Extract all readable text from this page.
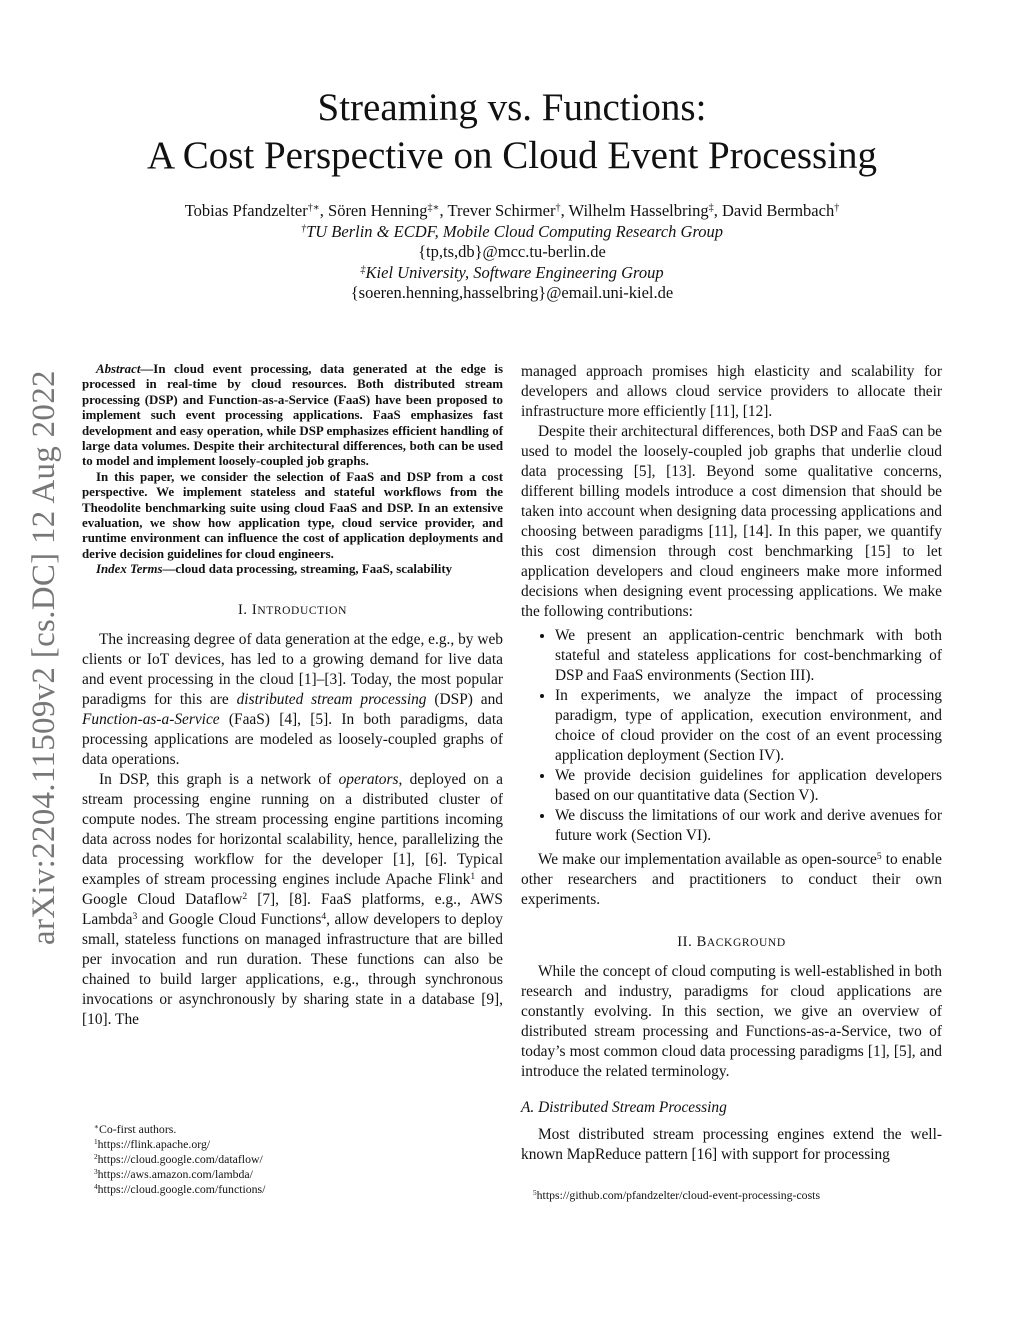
Streaming vs. Functions:
A Cost Perspective on Cloud Event Processing
Tobias Pfandzelter†∗, Sören Henning‡∗, Trever Schirmer†, Wilhelm Hasselbring‡, David Bermbach†
†TU Berlin & ECDF, Mobile Cloud Computing Research Group
{tp,ts,db}@mcc.tu-berlin.de
‡Kiel University, Software Engineering Group
{soeren.henning,hasselbring}@email.uni-kiel.de
arXiv:2204.11509v2 [cs.DC] 12 Aug 2022

Abstract—In cloud event processing, data generated at the edge is processed in real-time by cloud resources. Both distributed stream processing (DSP) and Function-as-a-Service (FaaS) have been proposed to implement such event processing applications. FaaS emphasizes fast development and easy operation, while DSP emphasizes efficient handling of large data volumes. Despite their architectural differences, both can be used to model and implement loosely-coupled job graphs.

In this paper, we consider the selection of FaaS and DSP from a cost perspective. We implement stateless and stateful workflows from the Theodolite benchmarking suite using cloud FaaS and DSP. In an extensive evaluation, we show how application type, cloud service provider, and runtime environment can influence the cost of application deployments and derive decision guidelines for cloud engineers.

Index Terms—cloud data processing, streaming, FaaS, scalability

I. INTRODUCTION

The increasing degree of data generation at the edge, e.g., by web clients or IoT devices, has led to a growing demand for live data and event processing in the cloud [1]–[3]. Today, the most popular paradigms for this are distributed stream processing (DSP) and Function-as-a-Service (FaaS) [4], [5]. In both paradigms, data processing applications are modeled as loosely-coupled graphs of data operations.

In DSP, this graph is a network of operators, deployed on a stream processing engine running on a distributed cluster of compute nodes. The stream processing engine partitions incoming data across nodes for horizontal scalability, hence, parallelizing the data processing workflow for the developer [1], [6]. Typical examples of stream processing engines include Apache Flink$^1$ and Google Cloud Dataflow$^2$ [7], [8]. FaaS platforms, e.g., AWS Lambda$^3$ and Google Cloud Functions$^4$, allow developers to deploy small, stateless functions on managed infrastructure that are billed per invocation and run duration. These functions can also be chained to build larger applications, e.g., through synchronous invocations or asynchronously by sharing state in a database [9], [10]. The

∗Co-first authors.
$^1$https://flink.apache.org/
$^2$https://cloud.google.com/dataflow/
$^3$https://aws.amazon.com/lambda/
$^4$https://cloud.google.com/functions/

managed approach promises high elasticity and scalability for developers and allows cloud service providers to allocate their infrastructure more efficiently [11], [12].

Despite their architectural differences, both DSP and FaaS can be used to model the loosely-coupled job graphs that underlie cloud data processing [5], [13]. Beyond some qualitative concerns, different billing models introduce a cost dimension that should be taken into account when designing data processing applications and choosing between paradigms [11], [14]. In this paper, we quantify this cost dimension through cost benchmarking [15] to let application developers and cloud engineers make more informed decisions when designing event processing applications. We make the following contributions:

• We present an application-centric benchmark with both stateful and stateless applications for cost-benchmarking of DSP and FaaS environments (Section III).
• In experiments, we analyze the impact of processing paradigm, type of application, execution environment, and choice of cloud provider on the cost of an event processing application deployment (Section IV).
• We provide decision guidelines for application developers based on our quantitative data (Section V).
• We discuss the limitations of our work and derive avenues for future work (Section VI).

We make our implementation available as open-source$^5$ to enable other researchers and practitioners to conduct their own experiments.

II. BACKGROUND

While the concept of cloud computing is well-established in both research and industry, paradigms for cloud applications are constantly evolving. In this section, we give an overview of distributed stream processing and Functions-as-a-Service, two of today’s most common cloud data processing paradigms [1], [5], and introduce the related terminology.

A. Distributed Stream Processing

Most distributed stream processing engines extend the well-known MapReduce pattern [16] with support for processing

$^5$https://github.com/pfandzelter/cloud-event-processing-costs
